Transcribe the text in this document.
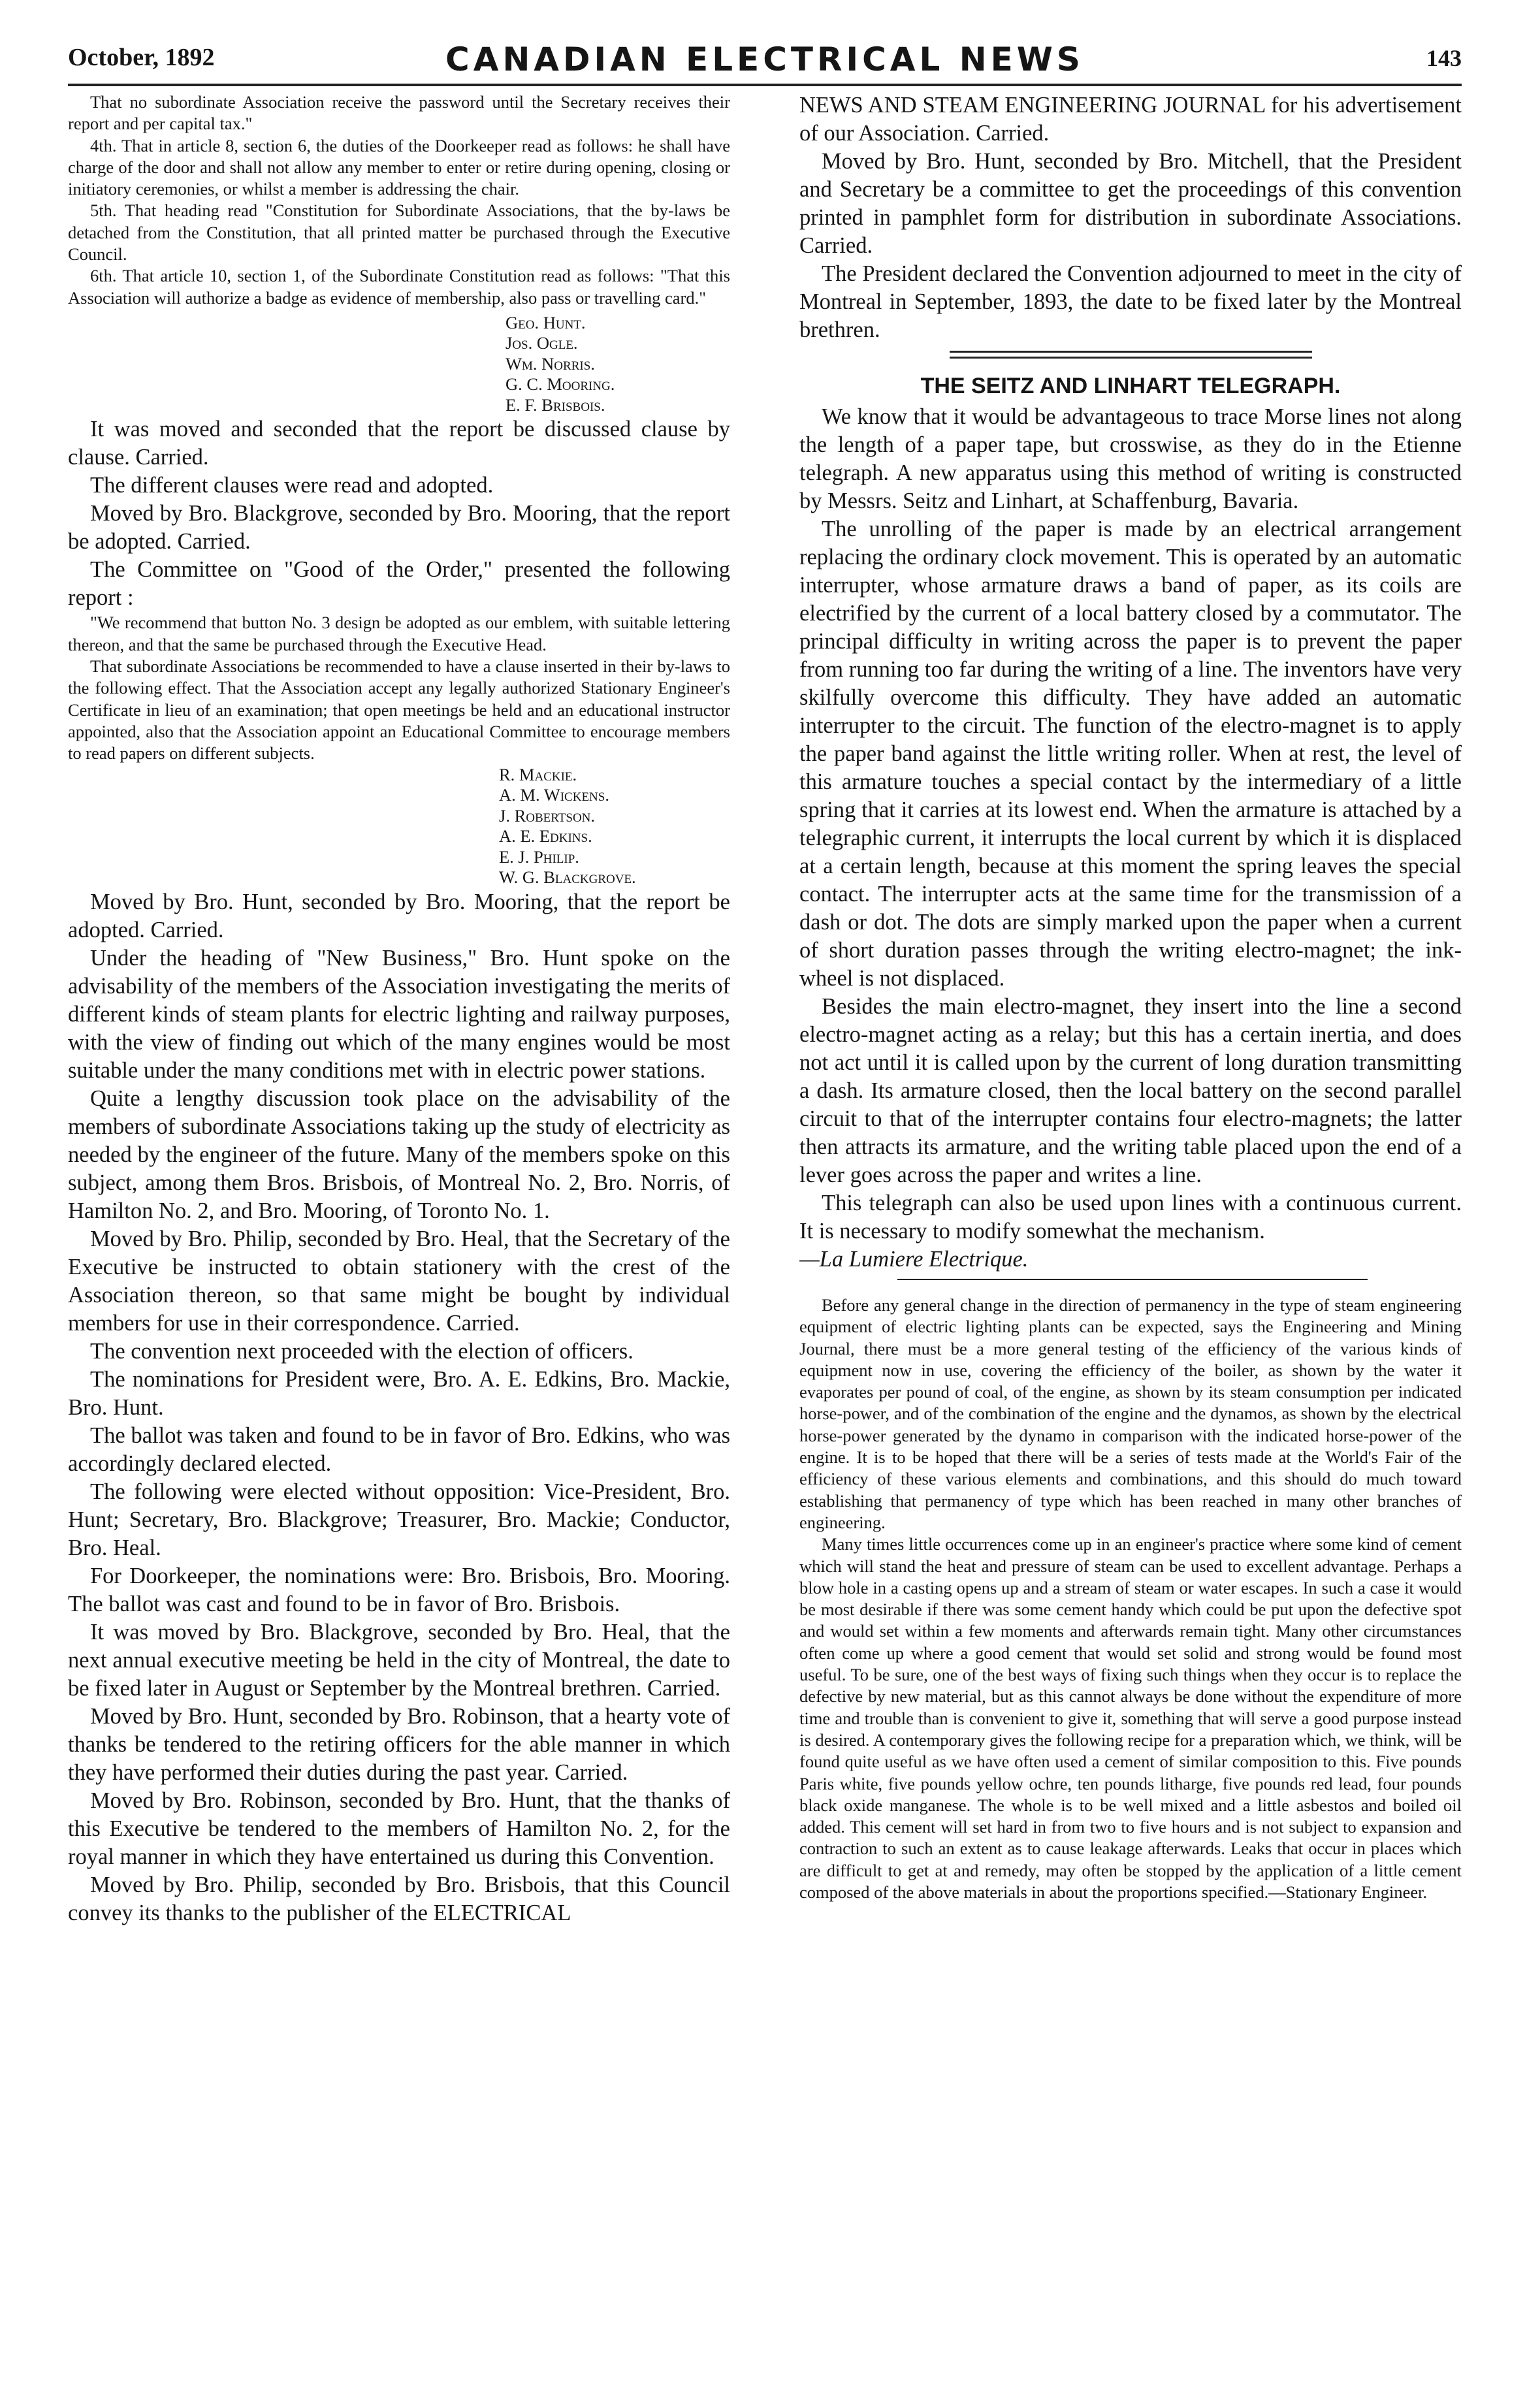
October, 1892	CANADIAN ELECTRICAL NEWS	143

That no subordinate Association receive the password until the Secretary receives their report and per capital tax."

4th. That in article 8, section 6, the duties of the Doorkeeper read as follows: he shall have charge of the door and shall not allow any member to enter or retire during opening, closing or initiatory ceremonies, or whilst a member is addressing the chair.

5th. That heading read "Constitution for Subordinate Associations, that the by-laws be detached from the Constitution, that all printed matter be purchased through the Executive Council.

6th. That article 10, section 1, of the Subordinate Constitution read as follows: "That this Association will authorize a badge as evidence of membership, also pass or travelling card."

Geo. Hunt.
Jos. Ogle.
Wm. Norris.
G. C. Mooring.
E. F. Brisbois.

It was moved and seconded that the report be discussed clause by clause. Carried.

The different clauses were read and adopted.

Moved by Bro. Blackgrove, seconded by Bro. Mooring, that the report be adopted. Carried.

The Committee on "Good of the Order," presented the following report :

"We recommend that button No. 3 design be adopted as our emblem, with suitable lettering thereon, and that the same be purchased through the Executive Head.

That subordinate Associations be recommended to have a clause inserted in their by-laws to the following effect. That the Association accept any legally authorized Stationary Engineer's Certificate in lieu of an examination; that open meetings be held and an educational instructor appointed, also that the Association appoint an Educational Committee to encourage members to read papers on different subjects.

R. Mackie.
A. M. Wickens.
J. Robertson.
A. E. Edkins.
E. J. Philip.
W. G. Blackgrove.

Moved by Bro. Hunt, seconded by Bro. Mooring, that the report be adopted. Carried.

Under the heading of "New Business," Bro. Hunt spoke on the advisability of the members of the Association investigating the merits of different kinds of steam plants for electric lighting and railway purposes, with the view of finding out which of the many engines would be most suitable under the many conditions met with in electric power stations.

Quite a lengthy discussion took place on the advisability of the members of subordinate Associations taking up the study of electricity as needed by the engineer of the future. Many of the members spoke on this subject, among them Bros. Brisbois, of Montreal No. 2, Bro. Norris, of Hamilton No. 2, and Bro. Mooring, of Toronto No. 1.

Moved by Bro. Philip, seconded by Bro. Heal, that the Secretary of the Executive be instructed to obtain stationery with the crest of the Association thereon, so that same might be bought by individual members for use in their correspondence. Carried.

The convention next proceeded with the election of officers.

The nominations for President were, Bro. A. E. Edkins, Bro. Mackie, Bro. Hunt.

The ballot was taken and found to be in favor of Bro. Edkins, who was accordingly declared elected.

The following were elected without opposition: Vice-President, Bro. Hunt; Secretary, Bro. Blackgrove; Treasurer, Bro. Mackie; Conductor, Bro. Heal.

For Doorkeeper, the nominations were: Bro. Brisbois, Bro. Mooring. The ballot was cast and found to be in favor of Bro. Brisbois.

It was moved by Bro. Blackgrove, seconded by Bro. Heal, that the next annual executive meeting be held in the city of Montreal, the date to be fixed later in August or September by the Montreal brethren. Carried.

Moved by Bro. Hunt, seconded by Bro. Robinson, that a hearty vote of thanks be tendered to the retiring officers for the able manner in which they have performed their duties during the past year. Carried.

Moved by Bro. Robinson, seconded by Bro. Hunt, that the thanks of this Executive be tendered to the members of Hamilton No. 2, for the royal manner in which they have entertained us during this Convention.

Moved by Bro. Philip, seconded by Bro. Brisbois, that this Council convey its thanks to the publisher of the ELECTRICAL

NEWS AND STEAM ENGINEERING JOURNAL for his advertisement of our Association. Carried.

Moved by Bro. Hunt, seconded by Bro. Mitchell, that the President and Secretary be a committee to get the proceedings of this convention printed in pamphlet form for distribution in subordinate Associations. Carried.

The President declared the Convention adjourned to meet in the city of Montreal in September, 1893, the date to be fixed later by the Montreal brethren.

THE SEITZ AND LINHART TELEGRAPH.

We know that it would be advantageous to trace Morse lines not along the length of a paper tape, but crosswise, as they do in the Etienne telegraph. A new apparatus using this method of writing is constructed by Messrs. Seitz and Linhart, at Schaffenburg, Bavaria.

The unrolling of the paper is made by an electrical arrangement replacing the ordinary clock movement. This is operated by an automatic interrupter, whose armature draws a band of paper, as its coils are electrified by the current of a local battery closed by a commutator. The principal difficulty in writing across the paper is to prevent the paper from running too far during the writing of a line. The inventors have very skilfully overcome this difficulty. They have added an automatic interrupter to the circuit. The function of the electro-magnet is to apply the paper band against the little writing roller. When at rest, the level of this armature touches a special contact by the intermediary of a little spring that it carries at its lowest end. When the armature is attached by a telegraphic current, it interrupts the local current by which it is displaced at a certain length, because at this moment the spring leaves the special contact. The interrupter acts at the same time for the transmission of a dash or dot. The dots are simply marked upon the paper when a current of short duration passes through the writing electro-magnet; the ink-wheel is not displaced.

Besides the main electro-magnet, they insert into the line a second electro-magnet acting as a relay; but this has a certain inertia, and does not act until it is called upon by the current of long duration transmitting a dash. Its armature closed, then the local battery on the second parallel circuit to that of the interrupter contains four electro-magnets; the latter then attracts its armature, and the writing table placed upon the end of a lever goes across the paper and writes a line.

This telegraph can also be used upon lines with a continuous current. It is necessary to modify somewhat the mechanism.

—La Lumiere Electrique.

Before any general change in the direction of permanency in the type of steam engineering equipment of electric lighting plants can be expected, says the Engineering and Mining Journal, there must be a more general testing of the efficiency of the various kinds of equipment now in use, covering the efficiency of the boiler, as shown by the water it evaporates per pound of coal, of the engine, as shown by its steam consumption per indicated horse-power, and of the combination of the engine and the dynamos, as shown by the electrical horse-power generated by the dynamo in comparison with the indicated horse-power of the engine. It is to be hoped that there will be a series of tests made at the World's Fair of the efficiency of these various elements and combinations, and this should do much toward establishing that permanency of type which has been reached in many other branches of engineering.

Many times little occurrences come up in an engineer's practice where some kind of cement which will stand the heat and pressure of steam can be used to excellent advantage. Perhaps a blow hole in a casting opens up and a stream of steam or water escapes. In such a case it would be most desirable if there was some cement handy which could be put upon the defective spot and would set within a few moments and afterwards remain tight. Many other circumstances often come up where a good cement that would set solid and strong would be found most useful. To be sure, one of the best ways of fixing such things when they occur is to replace the defective by new material, but as this cannot always be done without the expenditure of more time and trouble than is convenient to give it, something that will serve a good purpose instead is desired. A contemporary gives the following recipe for a preparation which, we think, will be found quite useful as we have often used a cement of similar composition to this. Five pounds Paris white, five pounds yellow ochre, ten pounds litharge, five pounds red lead, four pounds black oxide manganese. The whole is to be well mixed and a little asbestos and boiled oil added. This cement will set hard in from two to five hours and is not subject to expansion and contraction to such an extent as to cause leakage afterwards. Leaks that occur in places which are difficult to get at and remedy, may often be stopped by the application of a little cement composed of the above materials in about the proportions specified.—Stationary Engineer.
